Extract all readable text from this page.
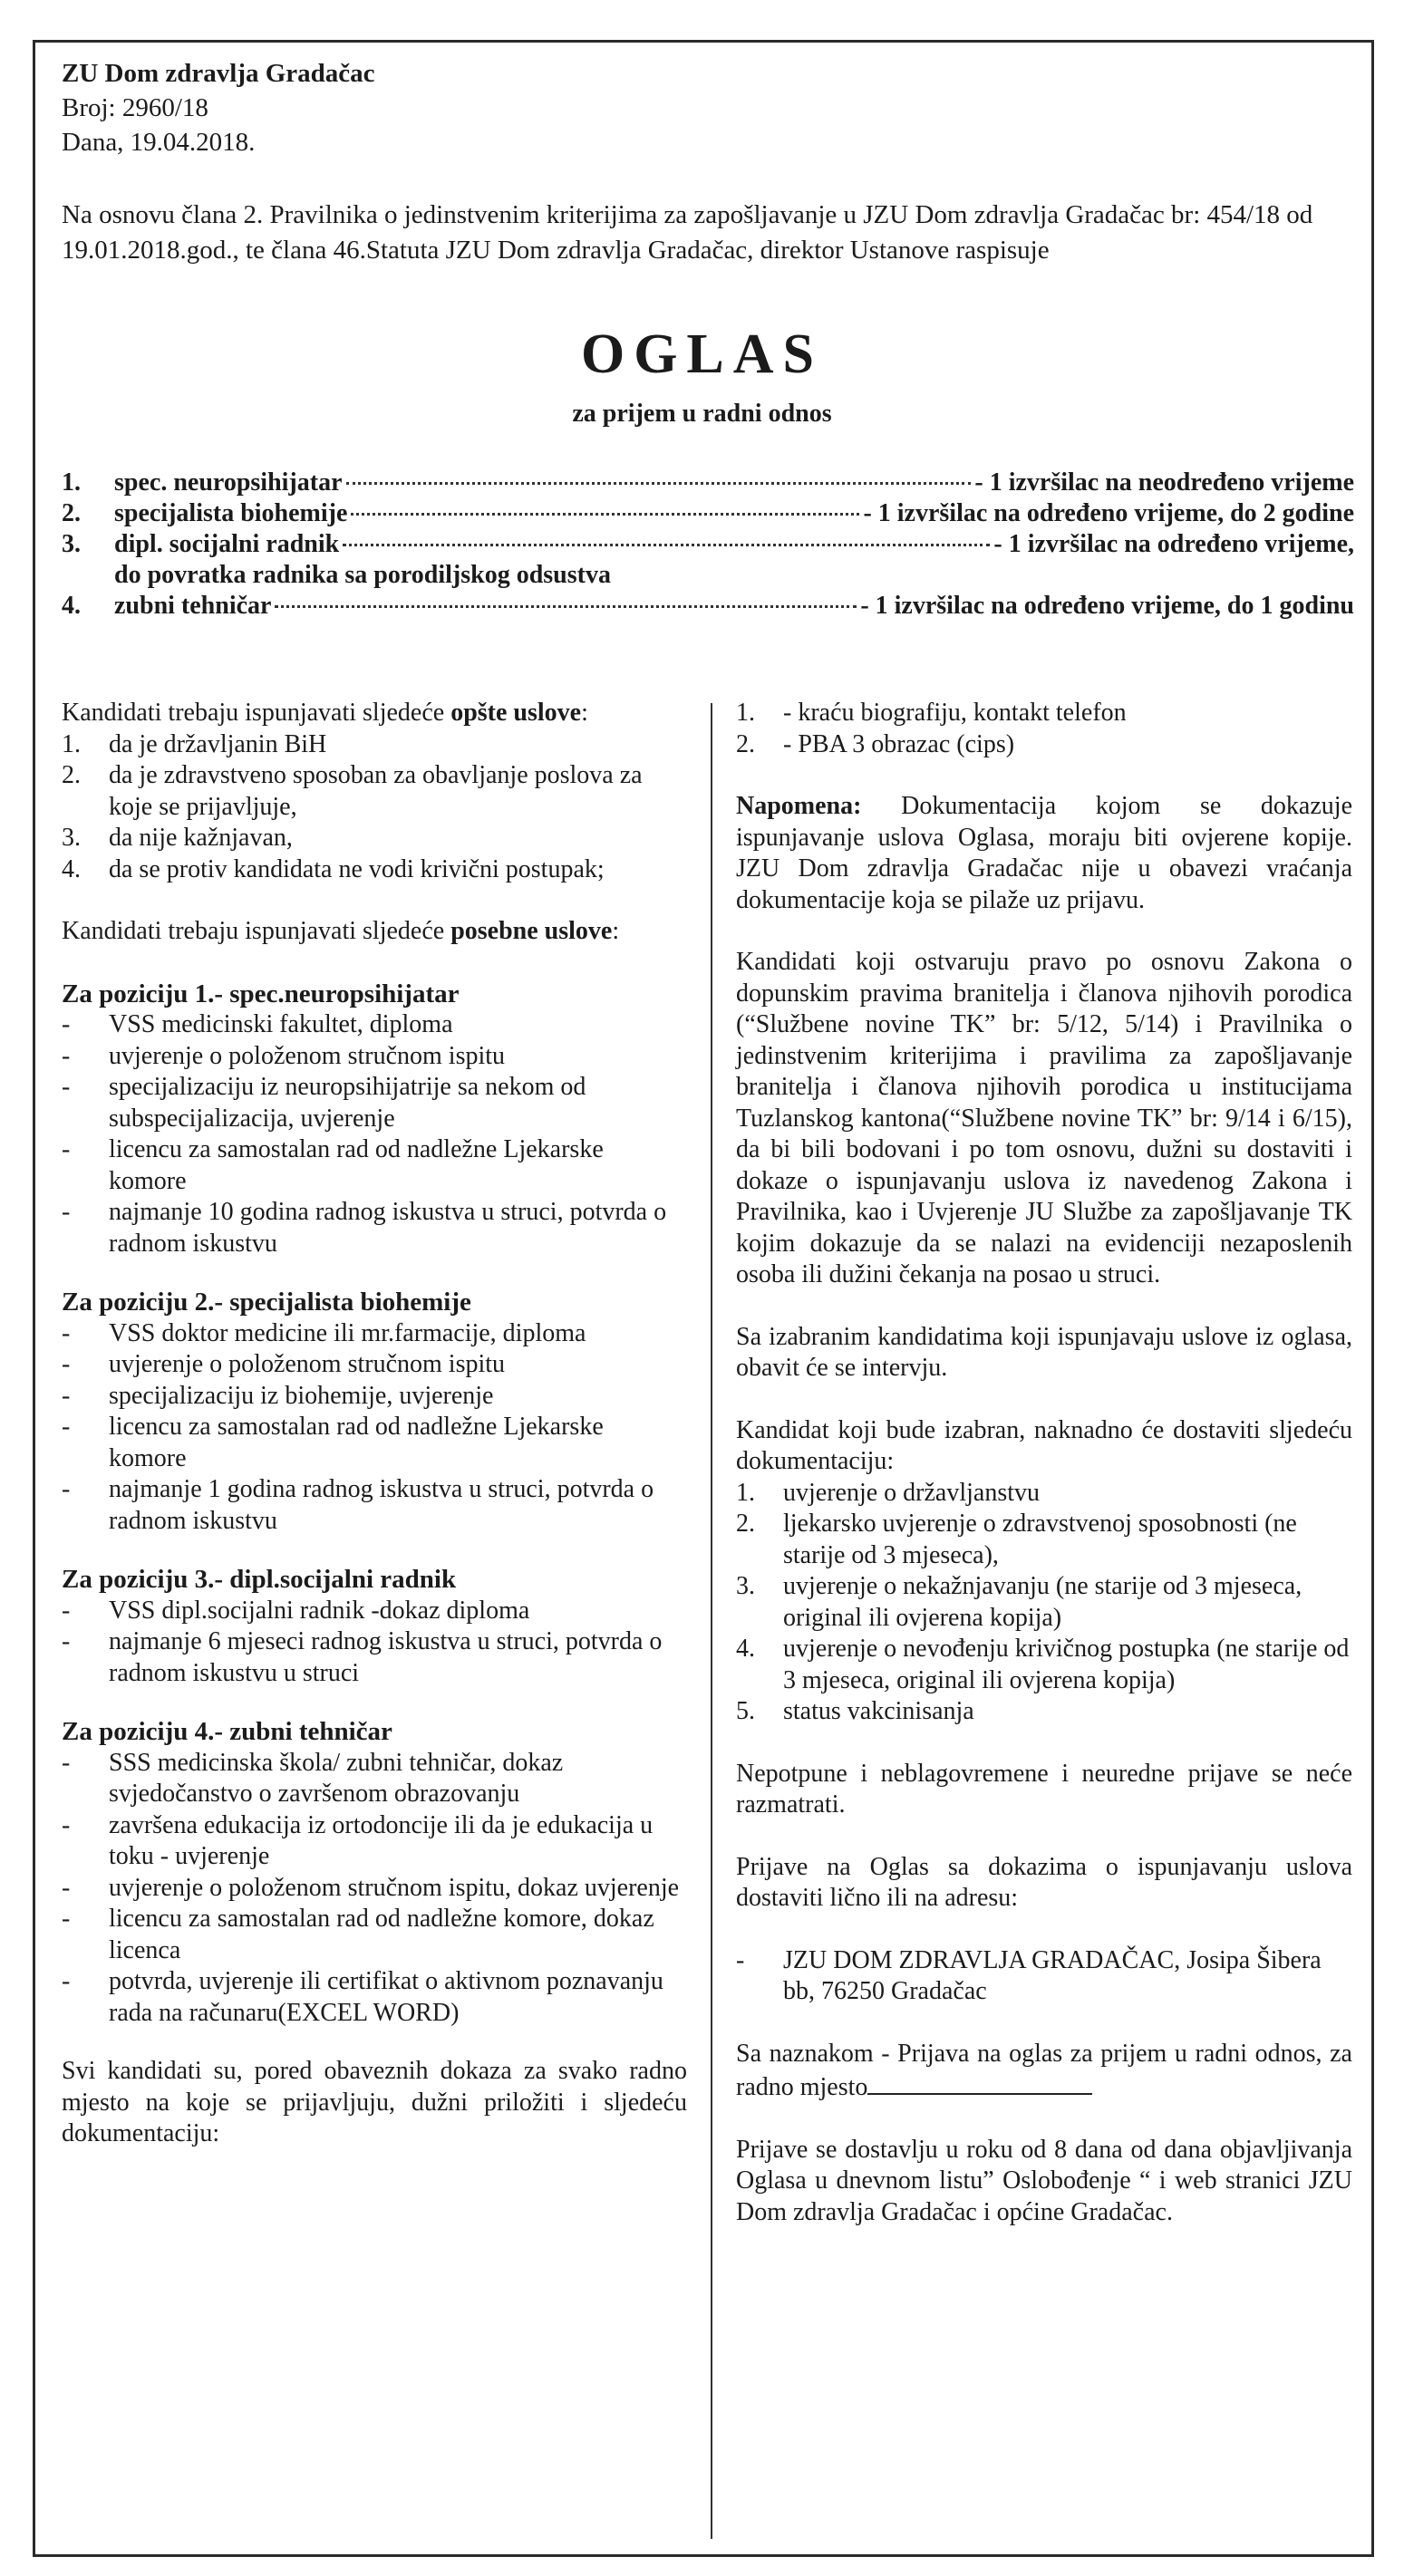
ZU Dom zdravlja Gradačac
Broj: 2960/18
Dana, 19.04.2018.

Na osnovu člana 2. Pravilnika o jedinstvenim kriterijima za zapošljavanje u JZU Dom zdravlja Gradačac br: 454/18 od 19.01.2018.god., te člana 46.Statuta JZU Dom zdravlja Gradačac, direktor Ustanove raspisuje

OGLAS
za prijem u radni odnos
1.	spec. neuropsihijatar	- 1 izvršilac na neodređeno vrijeme
2.	specijalista biohemije	- 1 izvršilac na određeno vrijeme, do 2 godine
3.	dipl. socijalni radnik	- 1 izvršilac na određeno vrijeme,
do povratka radnika sa porodiljskog odsustva
4.	zubni tehničar	- 1 izvršilac na određeno vrijeme, do 1 godinu

Kandidati trebaju ispunjavati sljedeće opšte uslove:

1. da je državljanin BiH
2. da je zdravstveno sposoban za obavljanje poslova za koje se prijavljuje,
3. da nije kažnjavan,
4. da se protiv kandidata ne vodi krivični postupak;

Kandidati trebaju ispunjavati sljedeće posebne uslove:

Za poziciju 1.- spec.neuropsihijatar

-	VSS medicinski fakultet, diploma
-	uvjerenje o položenom stručnom ispitu
-	specijalizaciju iz neuropsihijatrije sa nekom od subspecijalizacija, uvjerenje
-	licencu za samostalan rad od nadležne Ljekarske komore
-	najmanje 10 godina radnog iskustva u struci, potvrda o radnom iskustvu

Za poziciju 2.- specijalista biohemije

-	VSS doktor medicine ili mr.farmacije, diploma
-	uvjerenje o položenom stručnom ispitu
-	specijalizaciju iz biohemije, uvjerenje
-	licencu za samostalan rad od nadležne Ljekarske komore
-	najmanje 1 godina radnog iskustva u struci, potvrda o radnom iskustvu

Za poziciju 3.- dipl.socijalni radnik

-	VSS dipl.socijalni radnik -dokaz diploma
-	najmanje 6 mjeseci radnog iskustva u struci, potvrda o radnom iskustvu u struci

Za poziciju 4.- zubni tehničar

-	SSS medicinska škola/ zubni tehničar, dokaz svjedočanstvo o završenom obrazovanju
-	završena edukacija iz ortodoncije ili da je edukacija u toku - uvjerenje
-	uvjerenje o položenom stručnom ispitu, dokaz uvjerenje
-	licencu za samostalan rad od nadležne komore, dokaz licenca
-	potvrda, uvjerenje ili certifikat o aktivnom poznavanju rada na računaru(EXCEL WORD)

Svi kandidati su, pored obaveznih dokaza za svako radno mjesto na koje se prijavljuju, dužni priložiti i sljedeću dokumentaciju:

1. - kraću biografiju, kontakt telefon
2. - PBA 3 obrazac (cips)

Napomena: Dokumentacija kojom se dokazuje ispunjavanje uslova Oglasa, moraju biti ovjerene kopije. JZU Dom zdravlja Gradačac nije u obavezi vraćanja dokumentacije koja se pilaže uz prijavu.

Kandidati koji ostvaruju pravo po osnovu Zakona o dopunskim pravima branitelja i članova njihovih porodica (“Službene novine TK” br: 5/12, 5/14) i Pravilnika o jedinstvenim kriterijima i pravilima za zapošljavanje branitelja i članova njihovih porodica u institucijama Tuzlanskog kantona(“Službene novine TK” br: 9/14 i 6/15), da bi bili bodovani i po tom osnovu, dužni su dostaviti i dokaze o ispunjavanju uslova iz navedenog Zakona i Pravilnika, kao i Uvjerenje JU Službe za zapošljavanje TK kojim dokazuje da se nalazi na evidenciji nezaposlenih osoba ili dužini čekanja na posao u struci.

Sa izabranim kandidatima koji ispunjavaju uslove iz oglasa, obavit će se intervju.

Kandidat koji bude izabran, naknadno će dostaviti sljedeću dokumentaciju:

1. uvjerenje o državljanstvu
2. ljekarsko uvjerenje o zdravstvenoj sposobnosti (ne starije od 3 mjeseca),
3. uvjerenje o nekažnjavanju (ne starije od 3 mjeseca, original ili ovjerena kopija)
4. uvjerenje o nevođenju krivičnog postupka (ne starije od 3 mjeseca, original ili ovjerena kopija)
5. status vakcinisanja

Nepotpune i neblagovremene i neuredne prijave se neće razmatrati.

Prijave na Oglas sa dokazima o ispunjavanju uslova dostaviti lično ili na adresu:

-	JZU DOM ZDRAVLJA GRADAČAC, Josipa Šibera bb, 76250 Gradačac

Sa naznakom - Prijava na oglas za prijem u radni odnos, za radno mjesto

Prijave se dostavlju u roku od 8 dana od dana objavljivanja Oglasa u dnevnom listu” Oslobođenje “ i web stranici JZU Dom zdravlja Gradačac i općine Gradačac.
